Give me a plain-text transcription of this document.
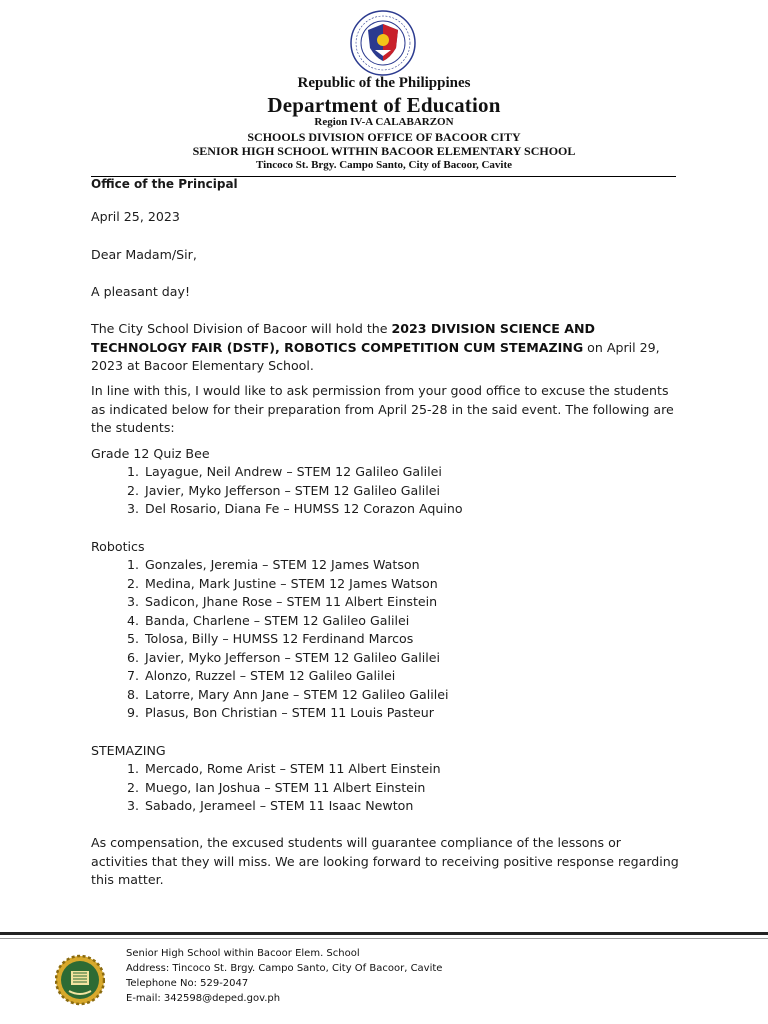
Republic of the Philippines
Department of Education
Region IV-A CALABARZON
SCHOOLS DIVISION OFFICE OF BACOOR CITY
SENIOR HIGH SCHOOL WITHIN BACOOR ELEMENTARY SCHOOL
Tincoco St. Brgy. Campo Santo, City of Bacoor, Cavite
Office of the Principal
April 25, 2023
Dear Madam/Sir,
A pleasant day!
The City School Division of Bacoor will hold the 2023 DIVISION SCIENCE AND TECHNOLOGY FAIR (DSTF), ROBOTICS COMPETITION CUM STEMAZING on April 29, 2023 at Bacoor Elementary School.
In line with this, I would like to ask permission from your good office to excuse the students as indicated below for their preparation from April 25-28 in the said event. The following are the students:
Grade 12 Quiz Bee
1. Layague, Neil Andrew – STEM 12 Galileo Galilei
2. Javier, Myko Jefferson – STEM 12 Galileo Galilei
3. Del Rosario, Diana Fe – HUMSS 12 Corazon Aquino
Robotics
1. Gonzales, Jeremia – STEM 12 James Watson
2. Medina, Mark Justine – STEM 12 James Watson
3. Sadicon, Jhane Rose – STEM 11 Albert Einstein
4. Banda, Charlene – STEM 12 Galileo Galilei
5. Tolosa, Billy – HUMSS 12 Ferdinand Marcos
6. Javier, Myko Jefferson – STEM 12 Galileo Galilei
7. Alonzo, Ruzzel – STEM 12 Galileo Galilei
8. Latorre, Mary Ann Jane – STEM 12 Galileo Galilei
9. Plasus, Bon Christian – STEM 11 Louis Pasteur
STEMAZING
1. Mercado, Rome Arist – STEM 11 Albert Einstein
2. Muego, Ian Joshua – STEM 11 Albert Einstein
3. Sabado, Jerameel – STEM 11 Isaac Newton
As compensation, the excused students will guarantee compliance of the lessons or activities that they will miss. We are looking forward to receiving positive response regarding this matter.
Senior High School within Bacoor Elem. School
Address: Tincoco St. Brgy. Campo Santo, City Of Bacoor, Cavite
Telephone No: 529-2047
E-mail: 342598@deped.gov.ph
